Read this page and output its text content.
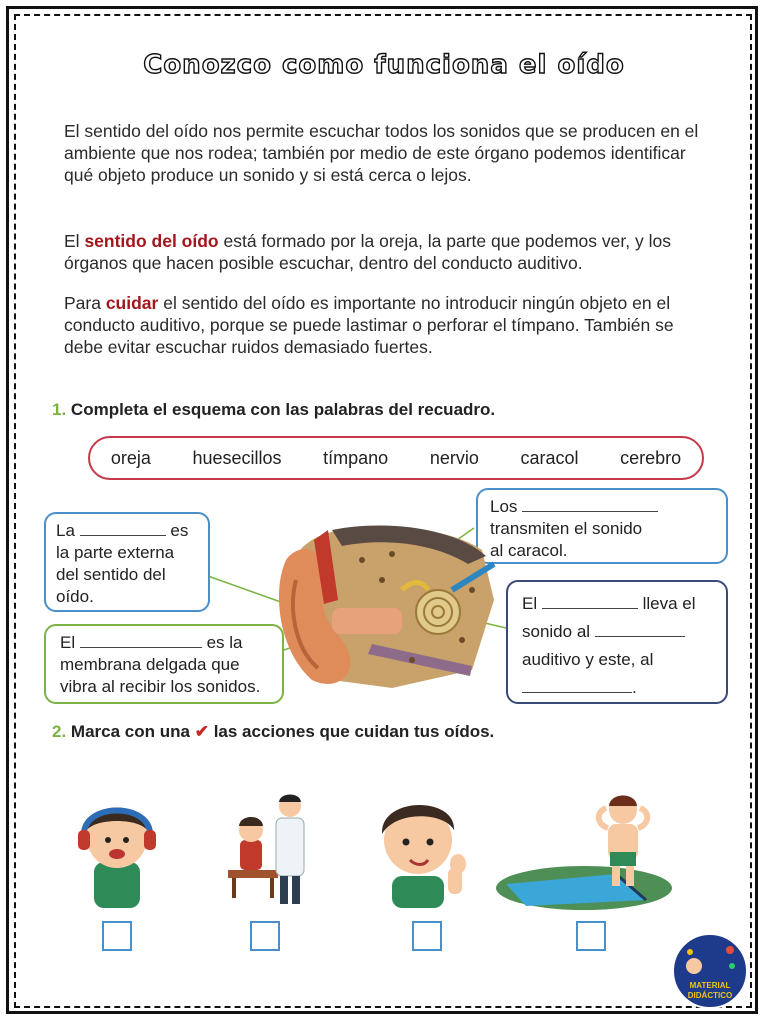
Conozco como funciona el oído

El sentido del oído nos permite escuchar todos los sonidos que se producen en el ambiente que nos rodea; también por medio de este órgano podemos identificar qué objeto produce un sonido y si está cerca o lejos.

El sentido del oído está formado por la oreja, la parte que podemos ver, y los órganos que hacen posible escuchar, dentro del conducto auditivo.

Para cuidar el sentido del oído es importante no introducir ningún objeto en el conducto auditivo, porque se puede lastimar o perforar el tímpano. También se debe evitar escuchar ruidos demasiado fuertes.

1. Completa el esquema con las palabras del recuadro.
oreja huesecillos tímpano nervio caracol cerebro
La	es
la parte externa
del sentido del
oído.
El	es la
membrana delgada que
vibra al recibir los sonidos.
Los
transmiten el sonido
al caracol.
El	lleva el
sonido al
auditivo y este, al
.
2. Marca con una ✔ las acciones que cuidan tus oídos.
MATERIAL
DIDÁCTICO
